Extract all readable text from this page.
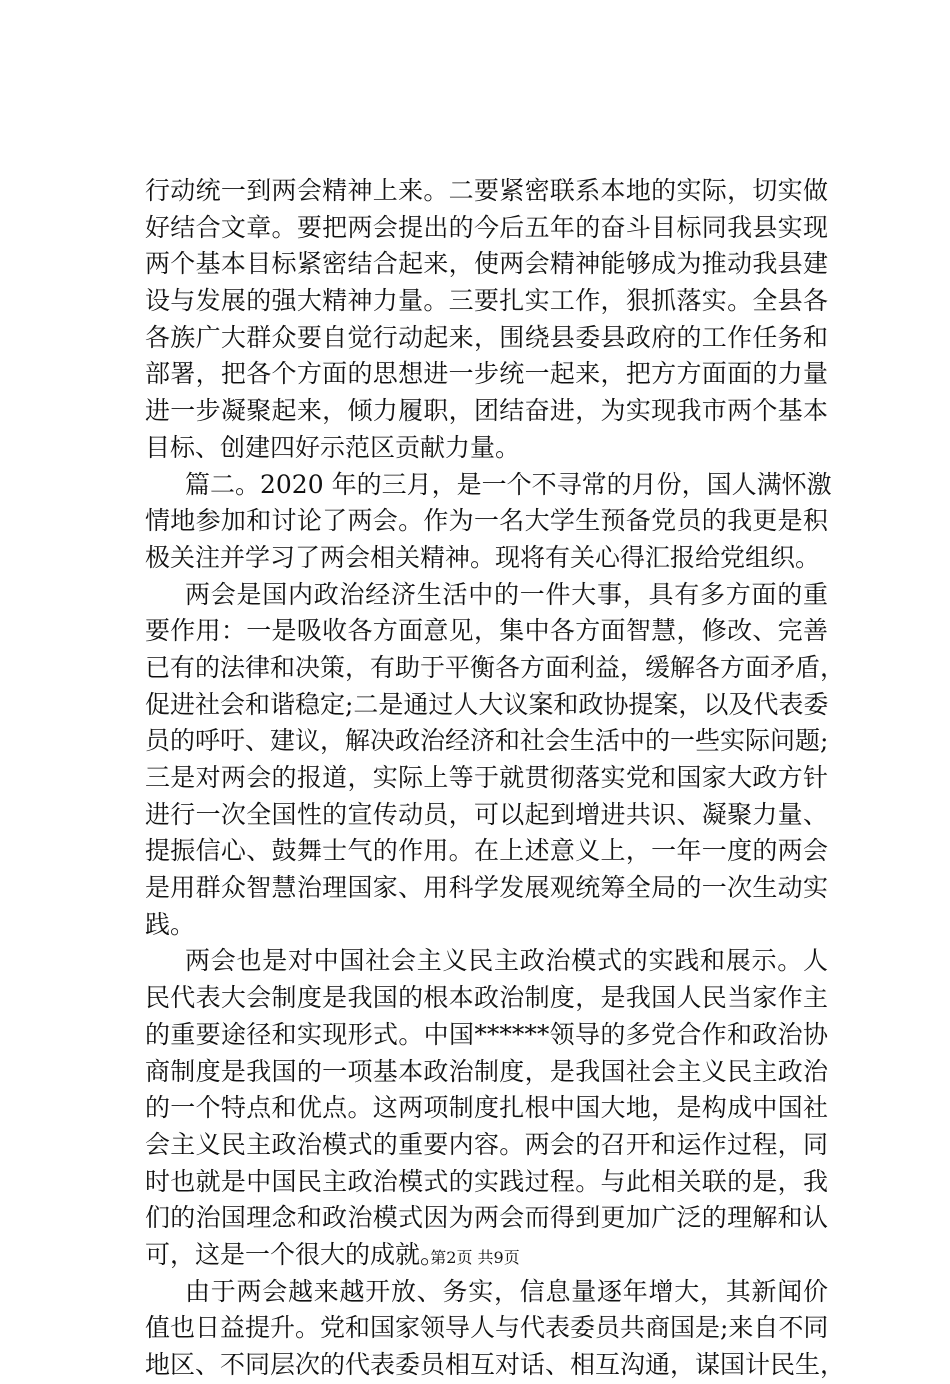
行动统一到两会精神上来。二要紧密联系本地的实际，切实做
好结合文章。要把两会提出的今后五年的奋斗目标同我县实现
两个基本目标紧密结合起来，使两会精神能够成为推动我县建
设与发展的强大精神力量。三要扎实工作，狠抓落实。全县各
各族广大群众要自觉行动起来，围绕县委县政府的工作任务和
部署，把各个方面的思想进一步统一起来，把方方面面的力量
进一步凝聚起来，倾力履职，团结奋进，为实现我市两个基本
目标、创建四好示范区贡献力量。
篇二。2020 年的三月，是一个不寻常的月份，国人满怀激
情地参加和讨论了两会。作为一名大学生预备党员的我更是积
极关注并学习了两会相关精神。现将有关心得汇报给党组织。
两会是国内政治经济生活中的一件大事，具有多方面的重
要作用：一是吸收各方面意见，集中各方面智慧，修改、完善
已有的法律和决策，有助于平衡各方面利益，缓解各方面矛盾，
促进社会和谐稳定;二是通过人大议案和政协提案，以及代表委
员的呼吁、建议，解决政治经济和社会生活中的一些实际问题;
三是对两会的报道，实际上等于就贯彻落实党和国家大政方针
进行一次全国性的宣传动员，可以起到增进共识、凝聚力量、
提振信心、鼓舞士气的作用。在上述意义上，一年一度的两会
是用群众智慧治理国家、用科学发展观统筹全局的一次生动实
践。
两会也是对中国社会主义民主政治模式的实践和展示。人
民代表大会制度是我国的根本政治制度，是我国人民当家作主
的重要途径和实现形式。中国******领导的多党合作和政治协
商制度是我国的一项基本政治制度，是我国社会主义民主政治
的一个特点和优点。这两项制度扎根中国大地，是构成中国社
会主义民主政治模式的重要内容。两会的召开和运作过程，同
时也就是中国民主政治模式的实践过程。与此相关联的是，我
们的治国理念和政治模式因为两会而得到更加广泛的理解和认
可，这是一个很大的成就。
由于两会越来越开放、务实，信息量逐年增大，其新闻价
值也日益提升。党和国家领导人与代表委员共商国是;来自不同
地区、不同层次的代表委员相互对话、相互沟通，谋国计民生，
第2页 共9页
